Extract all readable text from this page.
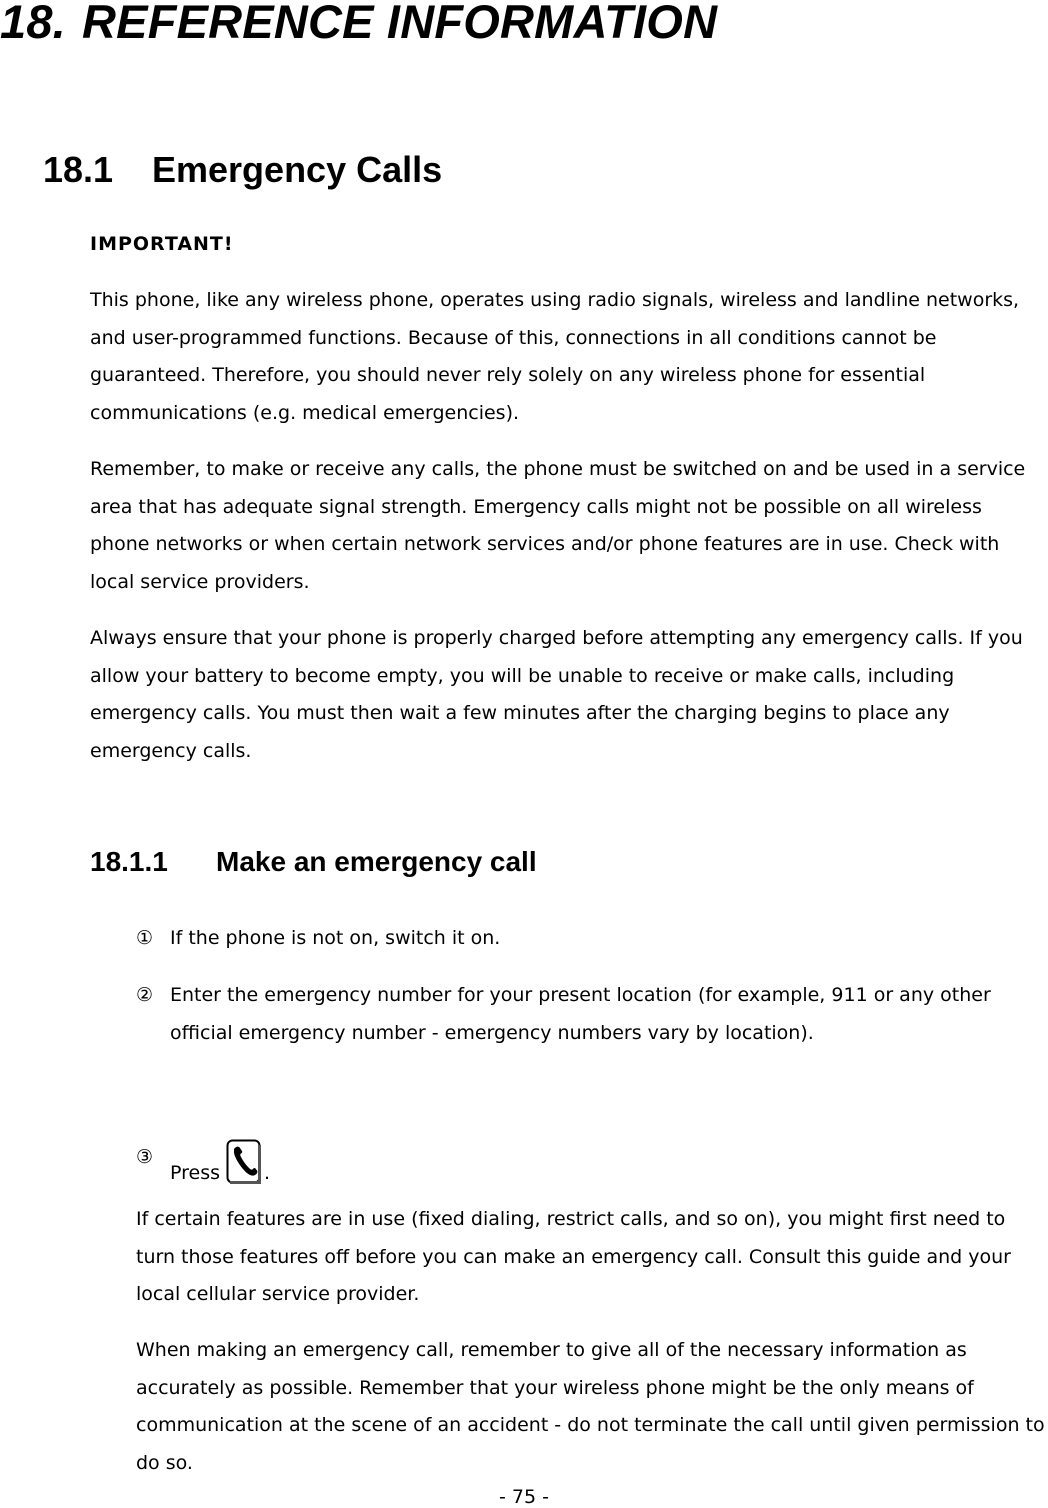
18. REFERENCE INFORMATION
18.1 Emergency Calls
IMPORTANT!

This phone, like any wireless phone, operates using radio signals, wireless and landline networks, and user-programmed functions. Because of this, connections in all conditions cannot be guaranteed. Therefore, you should never rely solely on any wireless phone for essential communications (e.g. medical emergencies).

Remember, to make or receive any calls, the phone must be switched on and be used in a service area that has adequate signal strength. Emergency calls might not be possible on all wireless phone networks or when certain network services and/or phone features are in use. Check with local service providers.

Always ensure that your phone is properly charged before attempting any emergency calls. If you allow your battery to become empty, you will be unable to receive or make calls, including emergency calls. You must then wait a few minutes after the charging begins to place any emergency calls.

18.1.1 Make an emergency call
① If the phone is not on, switch it on.
② Enter the emergency number for your present location (for example, 911 or any other official emergency number - emergency numbers vary by location).
③
Press .

If certain features are in use (fixed dialing, restrict calls, and so on), you might first need to turn those features off before you can make an emergency call. Consult this guide and your local cellular service provider.

When making an emergency call, remember to give all of the necessary information as accurately as possible. Remember that your wireless phone might be the only means of communication at the scene of an accident - do not terminate the call until given permission to do so.

- 75 -
